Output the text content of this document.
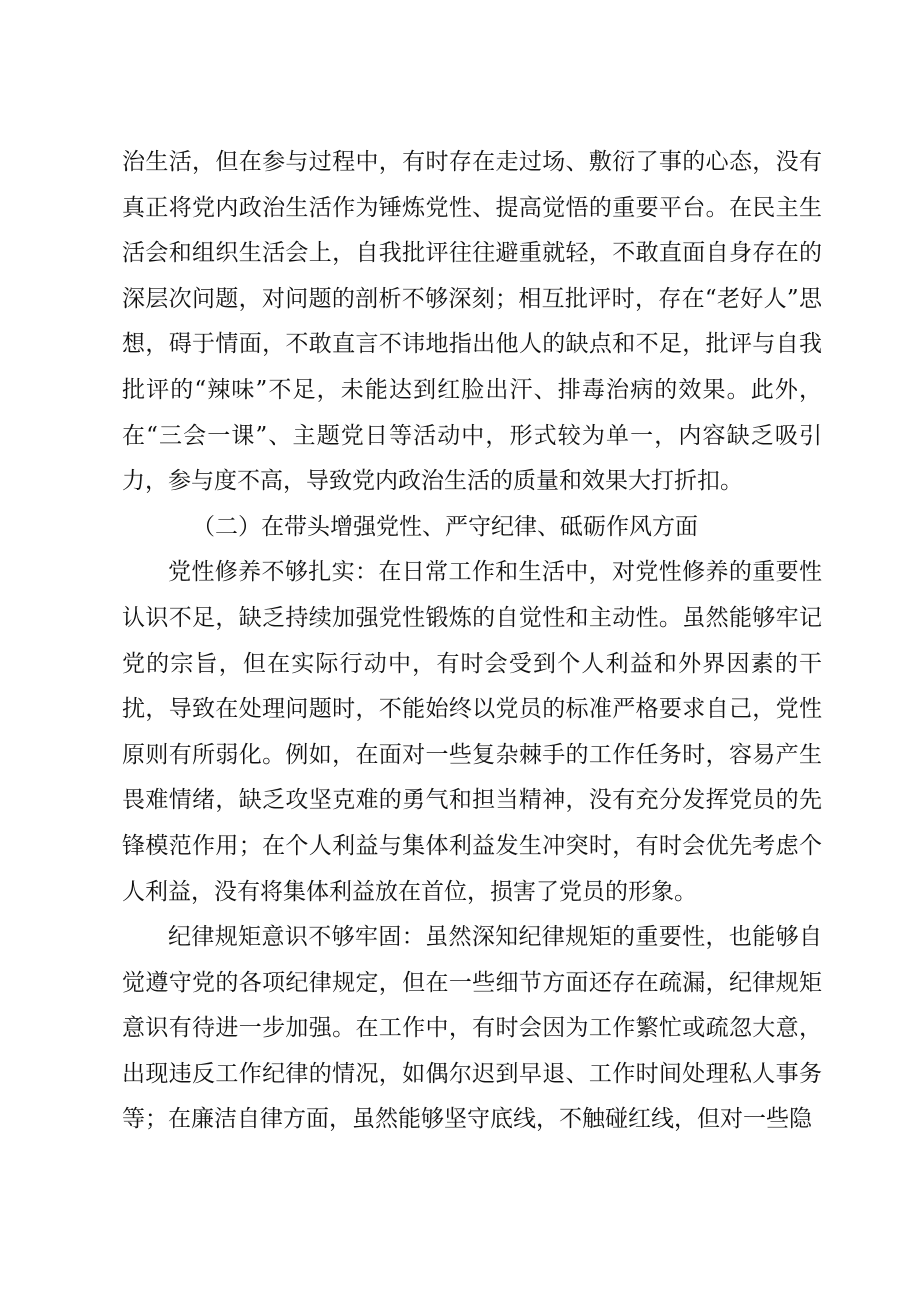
治生活，但在参与过程中，有时存在走过场、敷衍了事的心态，没有真正将党内政治生活作为锤炼党性、提高觉悟的重要平台。在民主生活会和组织生活会上，自我批评往往避重就轻，不敢直面自身存在的深层次问题，对问题的剖析不够深刻；相互批评时，存在“老好人”思想，碍于情面，不敢直言不讳地指出他人的缺点和不足，批评与自我批评的“辣味”不足，未能达到红脸出汗、排毒治病的效果。此外，在“三会一课”、主题党日等活动中，形式较为单一，内容缺乏吸引力，参与度不高，导致党内政治生活的质量和效果大打折扣。

（二）在带头增强党性、严守纪律、砥砺作风方面

党性修养不够扎实：在日常工作和生活中，对党性修养的重要性认识不足，缺乏持续加强党性锻炼的自觉性和主动性。虽然能够牢记党的宗旨，但在实际行动中，有时会受到个人利益和外界因素的干扰，导致在处理问题时，不能始终以党员的标准严格要求自己，党性原则有所弱化。例如，在面对一些复杂棘手的工作任务时，容易产生畏难情绪，缺乏攻坚克难的勇气和担当精神，没有充分发挥党员的先锋模范作用；在个人利益与集体利益发生冲突时，有时会优先考虑个人利益，没有将集体利益放在首位，损害了党员的形象。

纪律规矩意识不够牢固：虽然深知纪律规矩的重要性，也能够自觉遵守党的各项纪律规定，但在一些细节方面还存在疏漏，纪律规矩意识有待进一步加强。在工作中，有时会因为工作繁忙或疏忽大意，出现违反工作纪律的情况，如偶尔迟到早退、工作时间处理私人事务等；在廉洁自律方面，虽然能够坚守底线，不触碰红线，但对一些隐
